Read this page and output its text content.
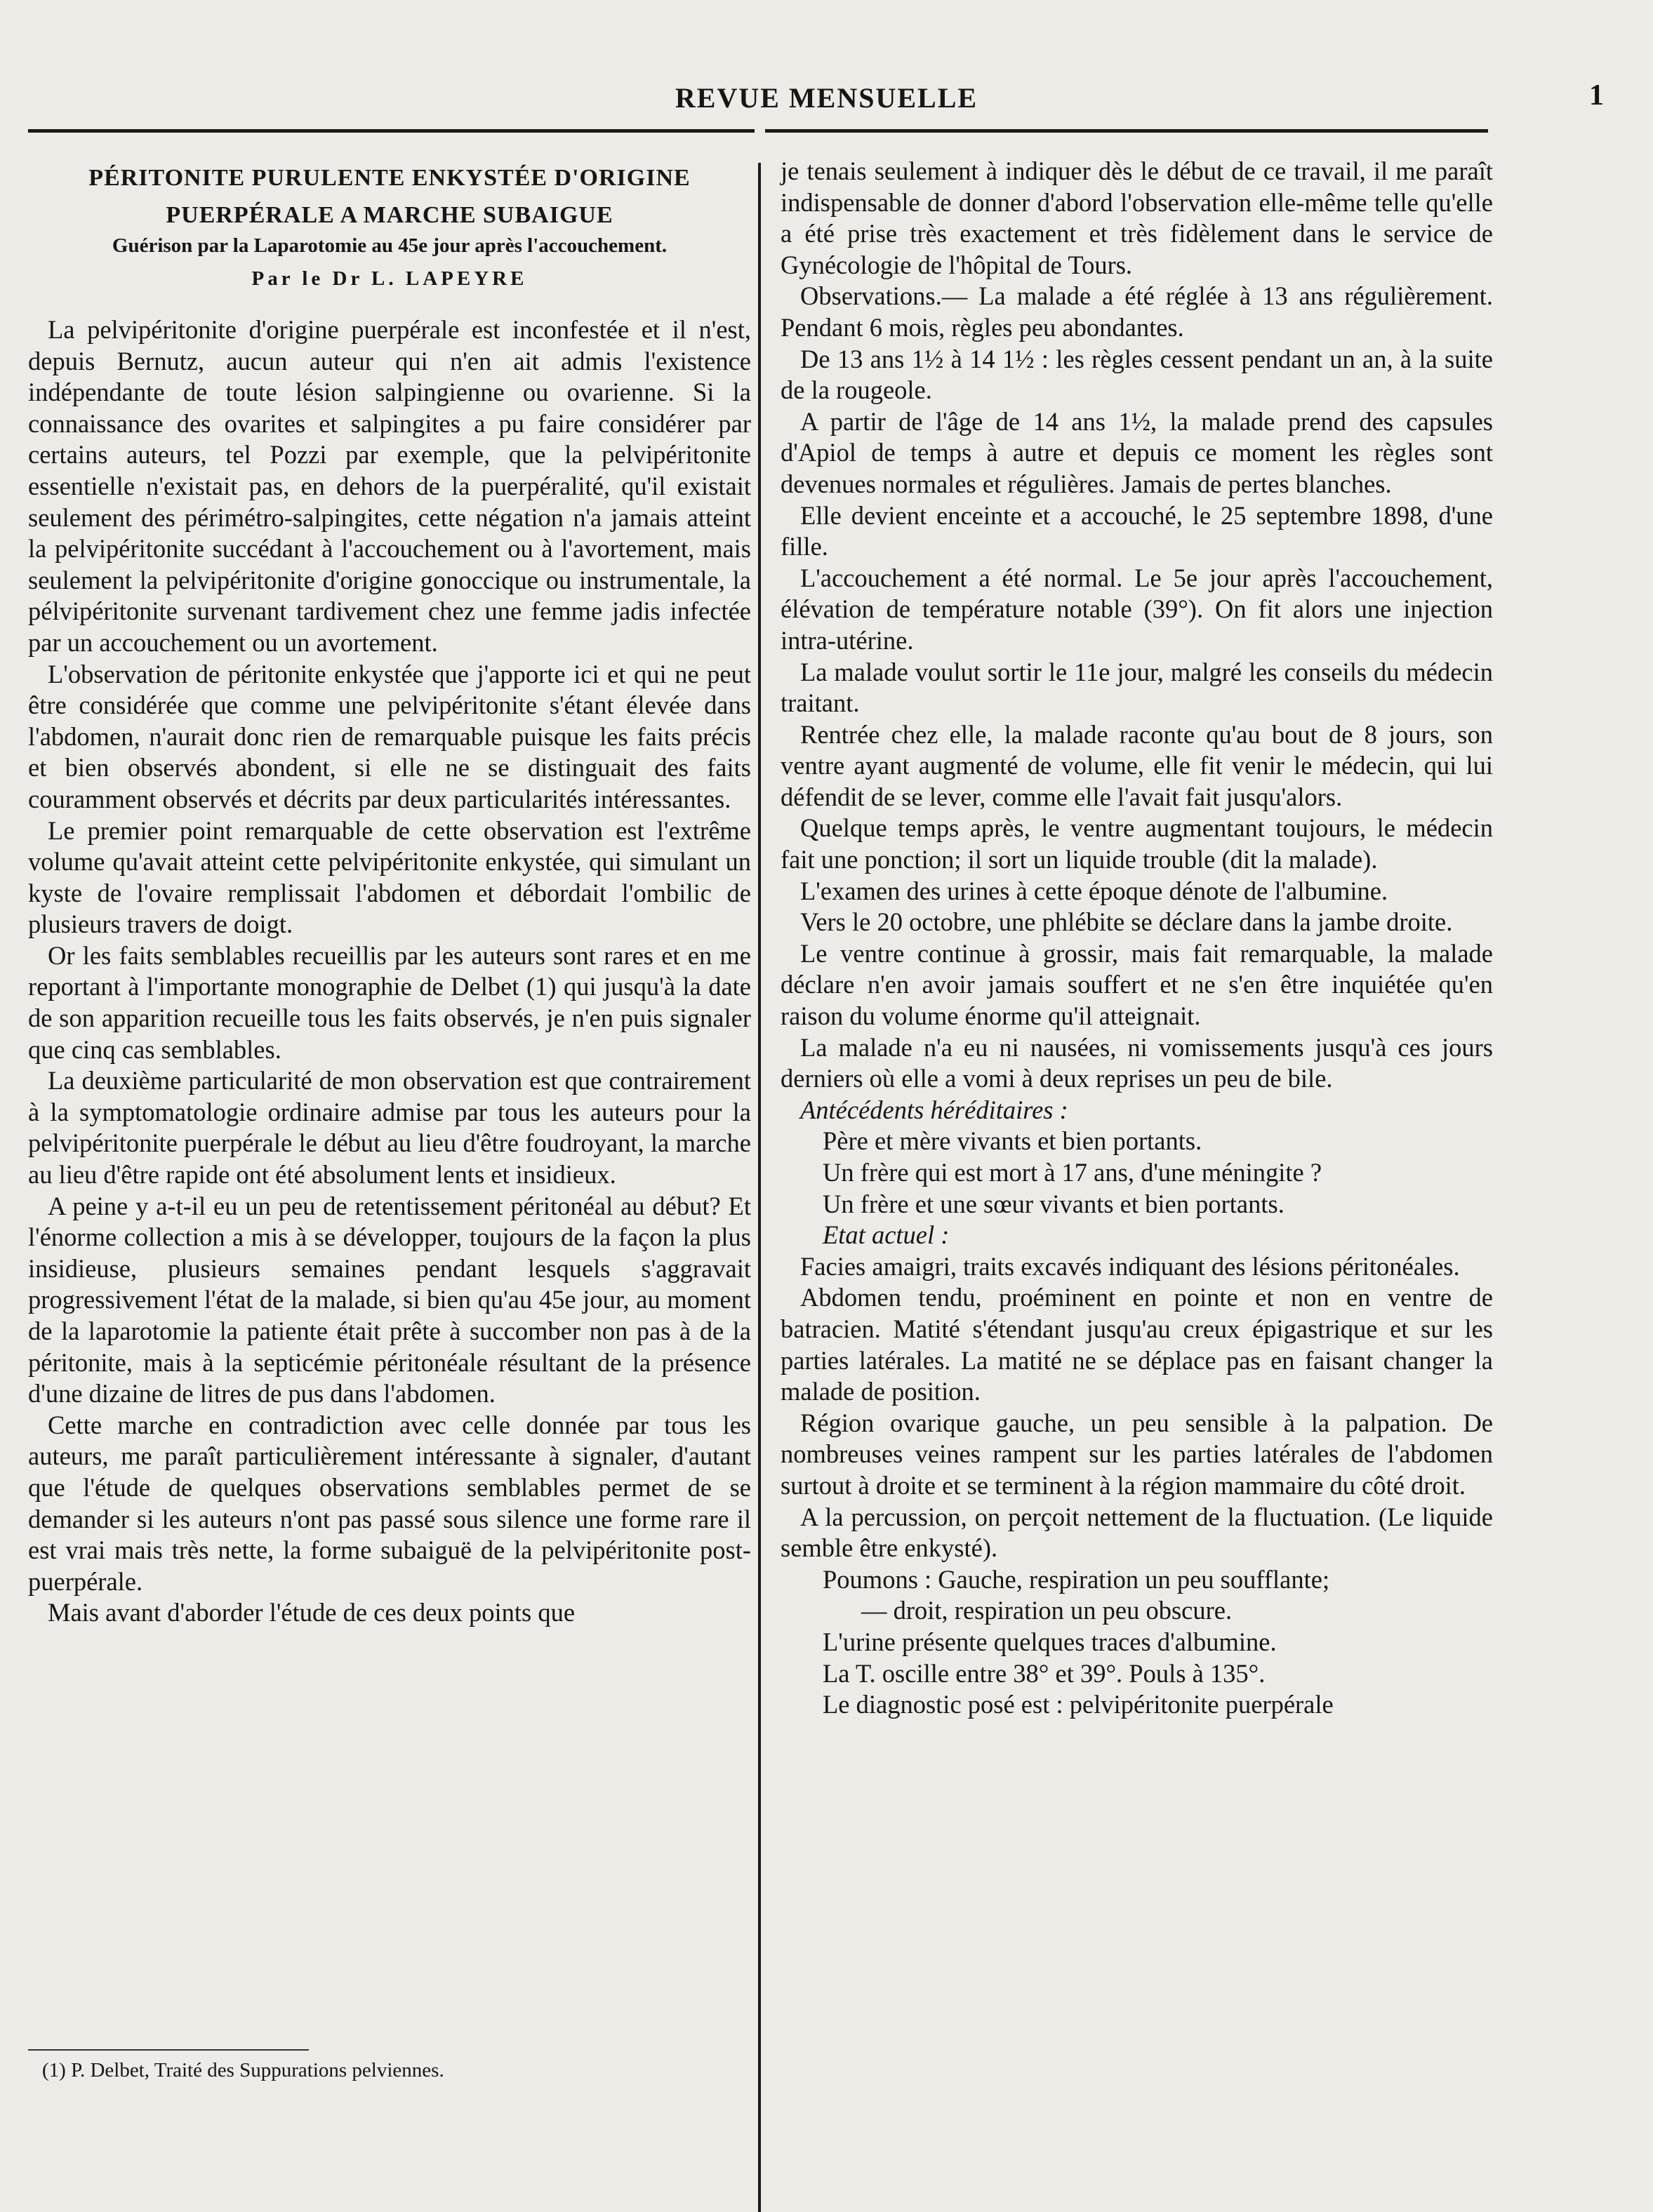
REVUE MENSUELLE	1
PÉRITONITE PURULENTE ENKYSTÉE D'ORIGINE
PUERPÉRALE A MARCHE SUBAIGUE
Guérison par la Laparotomie au 45e jour après l'accouchement.
Par le Dr L. LAPEYRE

La pelvipéritonite d'origine puerpérale est inconfestée et il n'est, depuis Bernutz, aucun auteur qui n'en ait admis l'existence indépendante de toute lésion salpingienne ou ovarienne. Si la connaissance des ovarites et salpingites a pu faire considérer par certains auteurs, tel Pozzi par exemple, que la pelvipéritonite essentielle n'existait pas, en dehors de la puerpéralité, qu'il existait seulement des périmétro-salpingites, cette négation n'a jamais atteint la pelvipéritonite succédant à l'accouchement ou à l'avortement, mais seulement la pelvipéritonite d'origine gonoccique ou instrumentale, la pélvipéritonite survenant tardivement chez une femme jadis infectée par un accouchement ou un avortement.

L'observation de péritonite enkystée que j'apporte ici et qui ne peut être considérée que comme une pelvipéritonite s'étant élevée dans l'abdomen, n'aurait donc rien de remarquable puisque les faits précis et bien observés abondent, si elle ne se distinguait des faits couramment observés et décrits par deux particularités intéressantes.

Le premier point remarquable de cette observation est l'extrême volume qu'avait atteint cette pelvipéritonite enkystée, qui simulant un kyste de l'ovaire remplissait l'abdomen et débordait l'ombilic de plusieurs travers de doigt.

Or les faits semblables recueillis par les auteurs sont rares et en me reportant à l'importante monographie de Delbet (1) qui jusqu'à la date de son apparition recueille tous les faits observés, je n'en puis signaler que cinq cas semblables.

La deuxième particularité de mon observation est que contrairement à la symptomatologie ordinaire admise par tous les auteurs pour la pelvipéritonite puerpérale le début au lieu d'être foudroyant, la marche au lieu d'être rapide ont été absolument lents et insidieux.

A peine y a-t-il eu un peu de retentissement péritonéal au début? Et l'énorme collection a mis à se développer, toujours de la façon la plus insidieuse, plusieurs semaines pendant lesquels s'aggravait progressivement l'état de la malade, si bien qu'au 45e jour, au moment de la laparotomie la patiente était prête à succomber non pas à de la péritonite, mais à la septicémie péritonéale résultant de la présence d'une dizaine de litres de pus dans l'abdomen.

Cette marche en contradiction avec celle donnée par tous les auteurs, me paraît particulièrement intéressante à signaler, d'autant que l'étude de quelques observations semblables permet de se demander si les auteurs n'ont pas passé sous silence une forme rare il est vrai mais très nette, la forme subaiguë de la pelvipéritonite post-puerpérale.

Mais avant d'aborder l'étude de ces deux points que

je tenais seulement à indiquer dès le début de ce travail, il me paraît indispensable de donner d'abord l'observation elle-même telle qu'elle a été prise très exactement et très fidèlement dans le service de Gynécologie de l'hôpital de Tours.

Observations.— La malade a été réglée à 13 ans régulièrement. Pendant 6 mois, règles peu abondantes.

De 13 ans 1½ à 14 1½ : les règles cessent pendant un an, à la suite de la rougeole.

A partir de l'âge de 14 ans 1½, la malade prend des capsules d'Apiol de temps à autre et depuis ce moment les règles sont devenues normales et régulières. Jamais de pertes blanches.

Elle devient enceinte et a accouché, le 25 septembre 1898, d'une fille.

L'accouchement a été normal. Le 5e jour après l'accouchement, élévation de température notable (39°). On fit alors une injection intra-utérine.

La malade voulut sortir le 11e jour, malgré les conseils du médecin traitant.

Rentrée chez elle, la malade raconte qu'au bout de 8 jours, son ventre ayant augmenté de volume, elle fit venir le médecin, qui lui défendit de se lever, comme elle l'avait fait jusqu'alors.

Quelque temps après, le ventre augmentant toujours, le médecin fait une ponction; il sort un liquide trouble (dit la malade).

L'examen des urines à cette époque dénote de l'albumine.

Vers le 20 octobre, une phlébite se déclare dans la jambe droite.

Le ventre continue à grossir, mais fait remarquable, la malade déclare n'en avoir jamais souffert et ne s'en être inquiétée qu'en raison du volume énorme qu'il atteignait.

La malade n'a eu ni nausées, ni vomissements jusqu'à ces jours derniers où elle a vomi à deux reprises un peu de bile.

Antécédents héréditaires :

Père et mère vivants et bien portants.

Un frère qui est mort à 17 ans, d'une méningite ?

Un frère et une sœur vivants et bien portants.

Etat actuel :

Facies amaigri, traits excavés indiquant des lésions péritonéales.

Abdomen tendu, proéminent en pointe et non en ventre de batracien. Matité s'étendant jusqu'au creux épigastrique et sur les parties latérales. La matité ne se déplace pas en faisant changer la malade de position.

Région ovarique gauche, un peu sensible à la palpation. De nombreuses veines rampent sur les parties latérales de l'abdomen surtout à droite et se terminent à la région mammaire du côté droit.

A la percussion, on perçoit nettement de la fluctuation. (Le liquide semble être enkysté).

Poumons : Gauche, respiration un peu soufflante;

— droit, respiration un peu obscure.

L'urine présente quelques traces d'albumine.

La T. oscille entre 38° et 39°. Pouls à 135°.

Le diagnostic posé est : pelvipéritonite puerpérale

(1) P. Delbet, Traité des Suppurations pelviennes.
